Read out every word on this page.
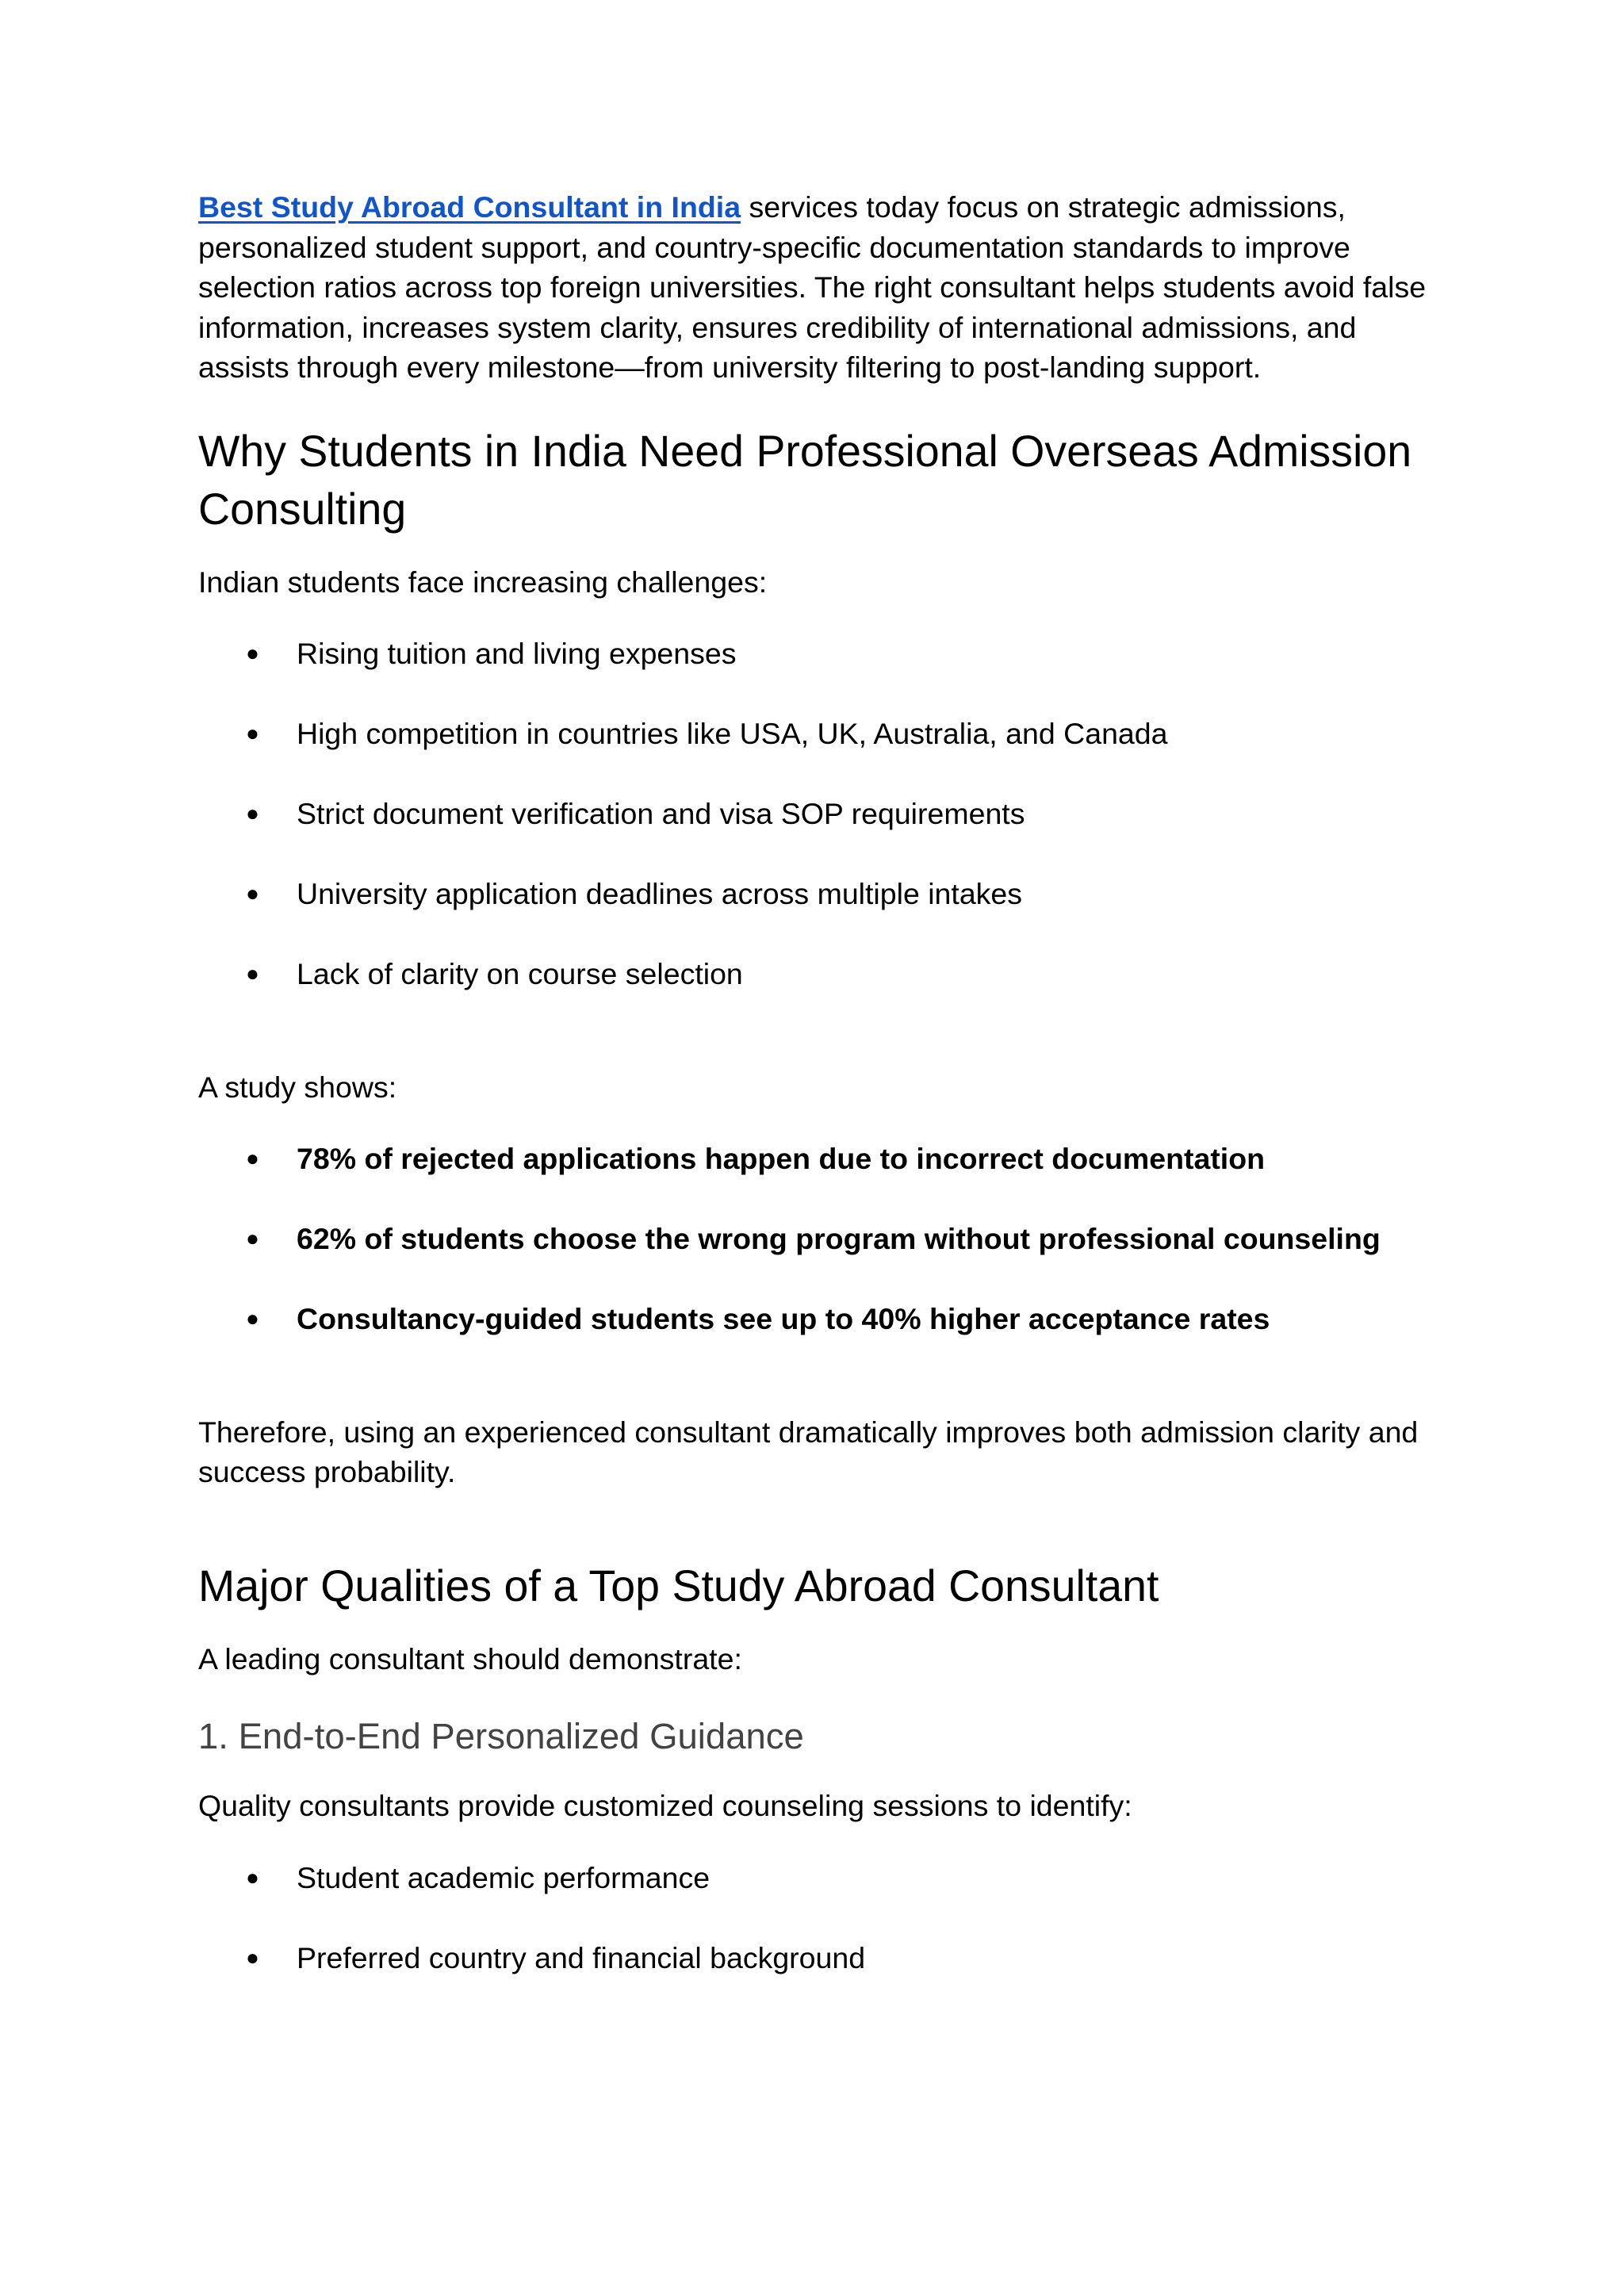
Best Study Abroad Consultant in India services today focus on strategic admissions, personalized student support, and country-specific documentation standards to improve selection ratios across top foreign universities. The right consultant helps students avoid false information, increases system clarity, ensures credibility of international admissions, and assists through every milestone—from university filtering to post-landing support.

Why Students in India Need Professional Overseas Admission Consulting

Indian students face increasing challenges:

● Rising tuition and living expenses
● High competition in countries like USA, UK, Australia, and Canada
● Strict document verification and visa SOP requirements
● University application deadlines across multiple intakes
● Lack of clarity on course selection

A study shows:

● 78% of rejected applications happen due to incorrect documentation
● 62% of students choose the wrong program without professional counseling
● Consultancy-guided students see up to 40% higher acceptance rates

Therefore, using an experienced consultant dramatically improves both admission clarity and success probability.

Major Qualities of a Top Study Abroad Consultant

A leading consultant should demonstrate:

1. End-to-End Personalized Guidance

Quality consultants provide customized counseling sessions to identify:

● Student academic performance
● Preferred country and financial background
